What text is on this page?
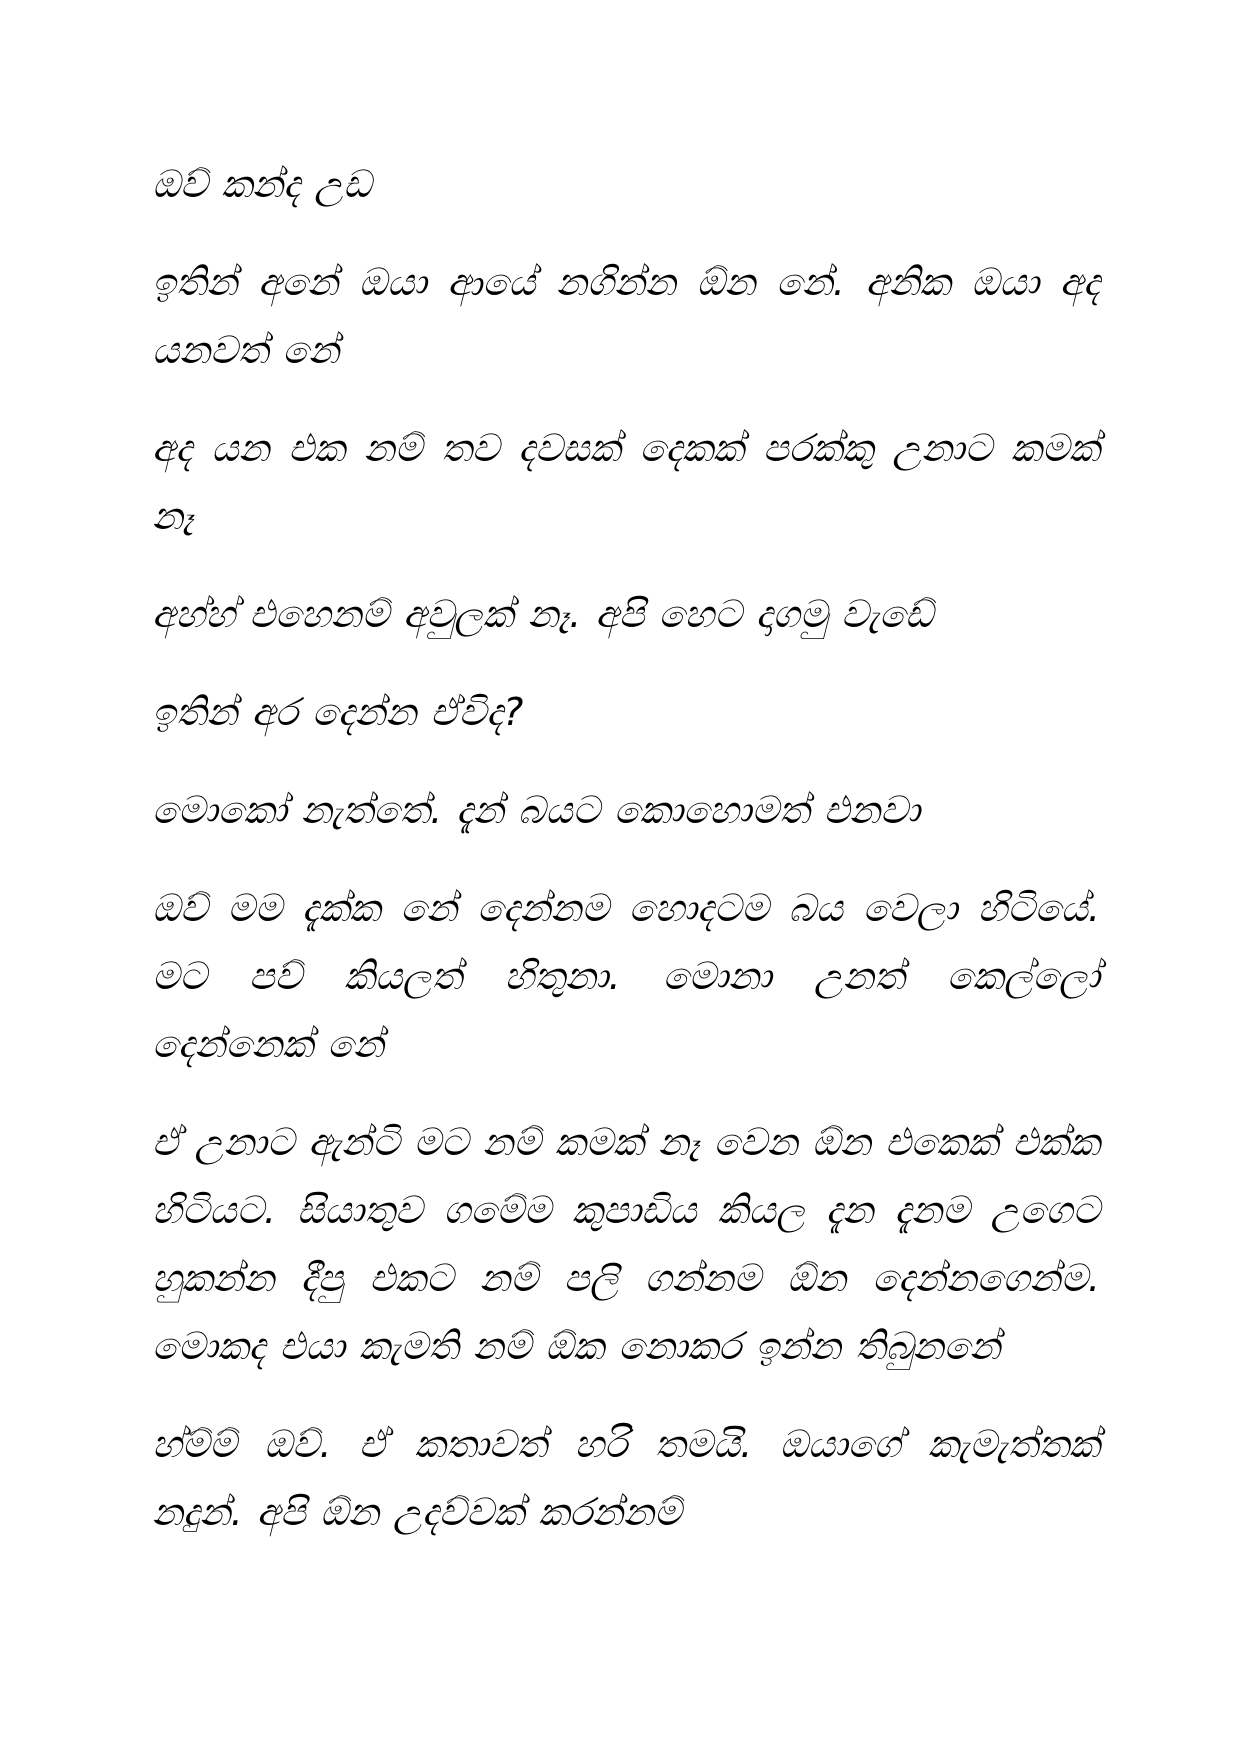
ඔව් කන්ද උඩ

ඉතින් අනේ ඔයා ආයේ නගින්න ඕන නේ. අනික ඔයා අද යනවත් නේ

අද යන එක නම් තව දවසක් දෙකක් පරක්කු උනාට කමක් නෑ

අහ්හ් එහෙනම් අවුලක් නෑ. අපි හෙට දාගමු වැඩේ

ඉතින් අර දෙන්න ඒවිද?

මොකෝ නැත්තේ. දැන් බයට කොහොමත් එනවා

ඔව් මම දැක්ක නේ දෙන්නම හොදටම බය වෙලා හිටියේ. මට පව් කියලත් හිතුනා. මොනා උනත් කෙල්ලෝ දෙන්නෙක් නේ

ඒ උනාට ඇන්ටි මට නම් කමක් නෑ වෙන ඕන එකෙක් එක්ක හිටියට. සියාතුව ගමේම කුපාඩිය කියල දැන දැනම උගෙට හුකන්න දීපු එකට නම් පලි ගන්නම ඕන දෙන්නගෙන්ම. මොකද එයා කැමති නම් ඕක නොකර ඉන්න තිබුනනේ

හ්ම්ම් ඔව්. ඒ කතාවත් හරි තමයි. ඔයාගේ කැමැත්තක් නදුන්. අපි ඕන උදව්වක් කරන්නම්
